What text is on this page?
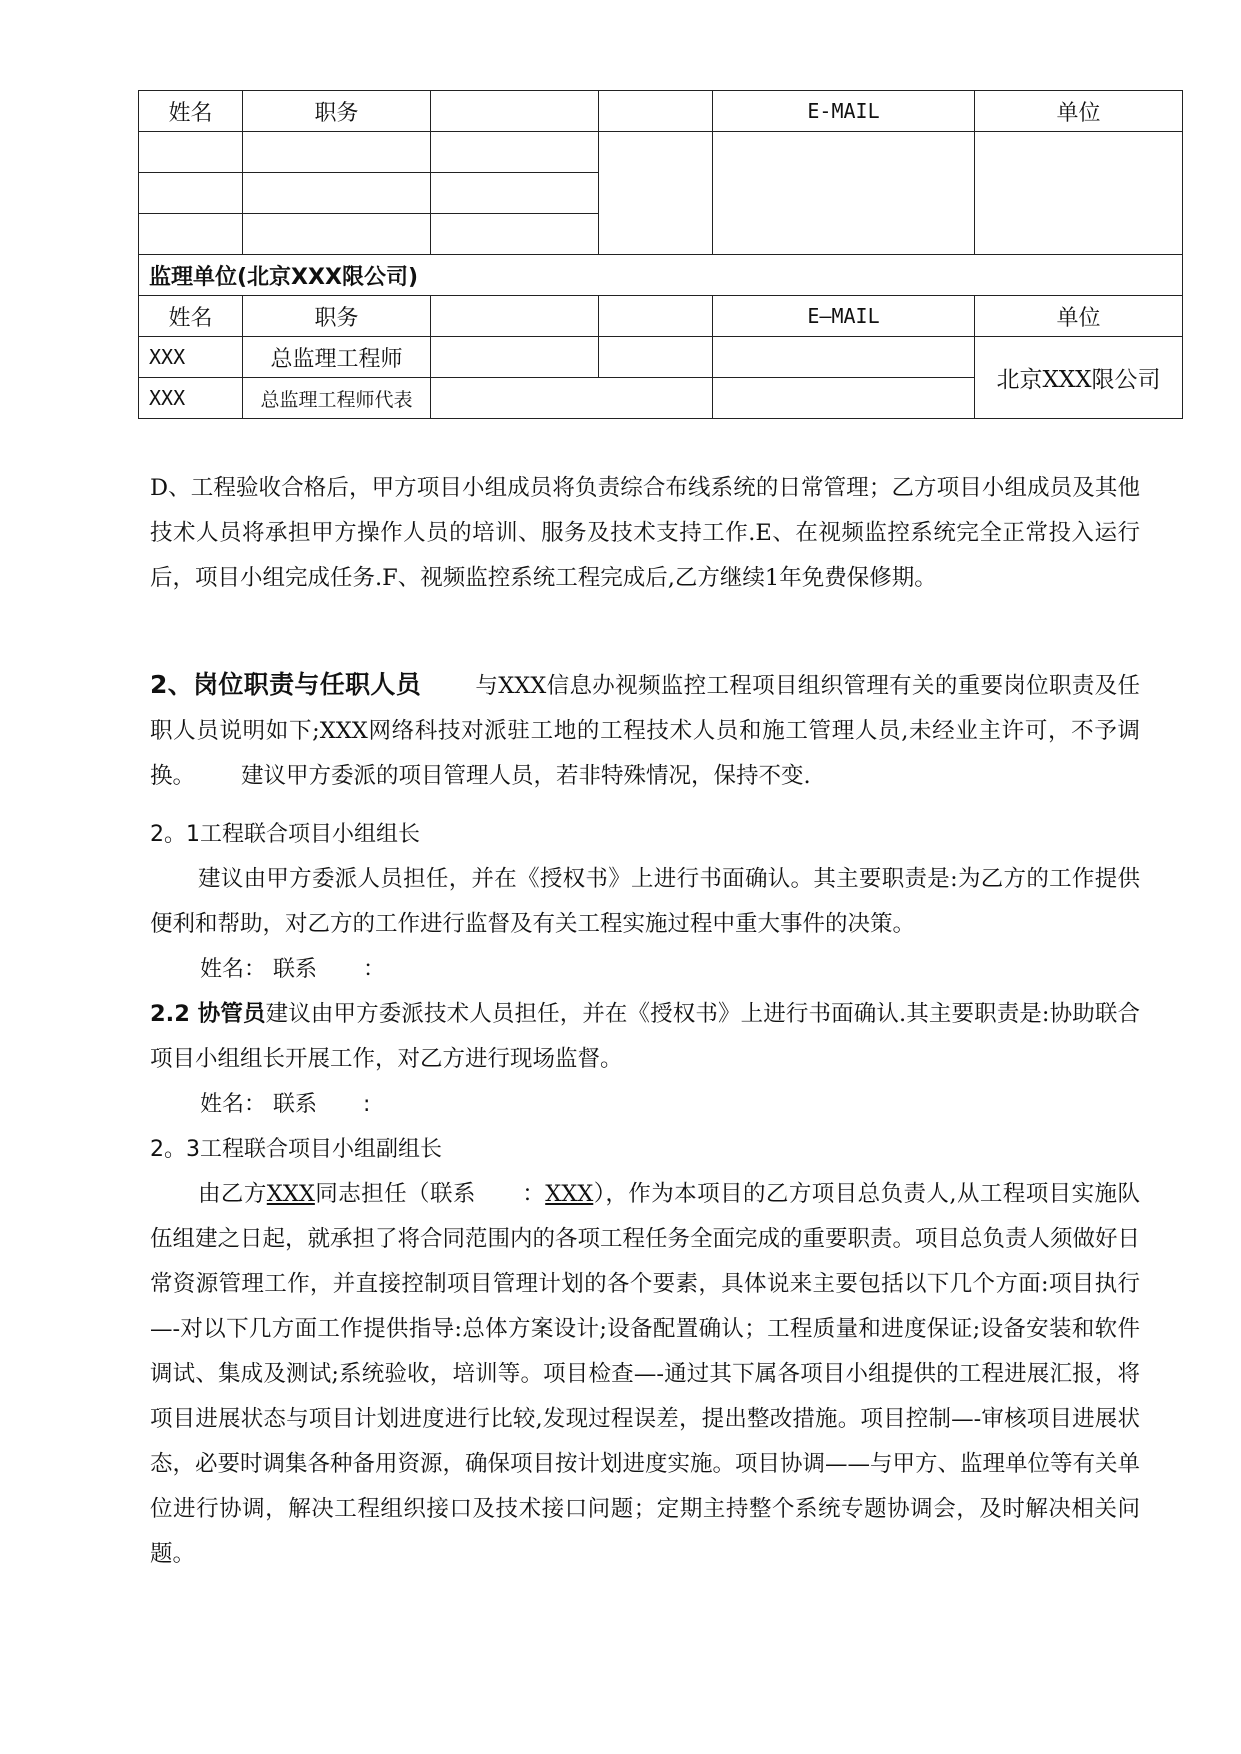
姓名	职务			E-MAIL	单位

监理单位(北京XXX限公司)					
姓名	职务			E—MAIL	单位
XXX	总监理工程师				北京XXX限公司
XXX	总监理工程师代表				

D、工程验收合格后，甲方项目小组成员将负责综合布线系统的日常管理；乙方项目小组成员及其他技术人员将承担甲方操作人员的培训、服务及技术支持工作.E、在视频监控系统完全正常投入运行后，项目小组完成任务.F、视频监控系统工程完成后,乙方继续1年免费保修期。

2、岗位职责与任职人员 与XXX信息办视频监控工程项目组织管理有关的重要岗位职责及任职人员说明如下;XXX网络科技对派驻工地的工程技术人员和施工管理人员,未经业主许可，不予调换。 建议甲方委派的项目管理人员，若非特殊情况，保持不变.

2。1工程联合项目小组组长

建议由甲方委派人员担任，并在《授权书》上进行书面确认。其主要职责是:为乙方的工作提供便利和帮助，对乙方的工作进行监督及有关工程实施过程中重大事件的决策。

姓名： 联系 ：

2.2 协管员建议由甲方委派技术人员担任，并在《授权书》上进行书面确认.其主要职责是:协助联合项目小组组长开展工作，对乙方进行现场监督。

姓名： 联系 :

2。3工程联合项目小组副组长

由乙方XXX同志担任（联系 ：XXX），作为本项目的乙方项目总负责人,从工程项目实施队伍组建之日起，就承担了将合同范围内的各项工程任务全面完成的重要职责。项目总负责人须做好日常资源管理工作，并直接控制项目管理计划的各个要素，具体说来主要包括以下几个方面:项目执行—-对以下几方面工作提供指导:总体方案设计;设备配置确认；工程质量和进度保证;设备安装和软件调试、集成及测试;系统验收，培训等。项目检查—-通过其下属各项目小组提供的工程进展汇报，将项目进展状态与项目计划进度进行比较,发现过程误差，提出整改措施。项目控制—-审核项目进展状态，必要时调集各种备用资源，确保项目按计划进度实施。项目协调——与甲方、监理单位等有关单位进行协调，解决工程组织接口及技术接口问题；定期主持整个系统专题协调会，及时解决相关问题。
